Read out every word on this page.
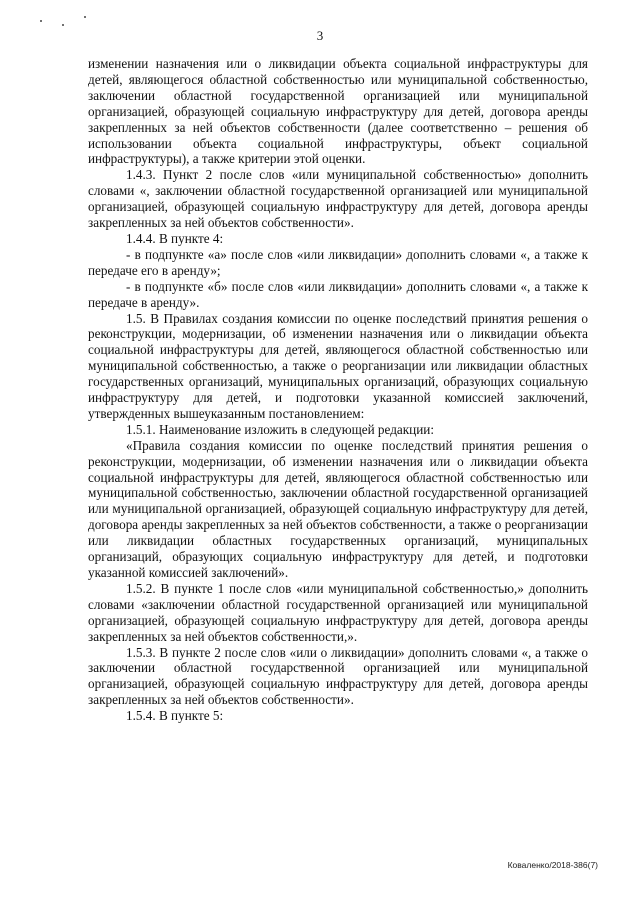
3

изменении назначения или о ликвидации объекта социальной инфраструктуры для детей, являющегося областной собственностью или муниципальной собственностью, заключении областной государственной организацией или муниципальной организацией, образующей социальную инфраструктуру для детей, договора аренды закрепленных за ней объектов собственности (далее соответственно – решения об использовании объекта социальной инфраструктуры, объект социальной инфраструктуры), а также критерии этой оценки.

1.4.3. Пункт 2 после слов «или муниципальной собственностью» дополнить словами «, заключении областной государственной организацией или муниципальной организацией, образующей социальную инфраструктуру для детей, договора аренды закрепленных за ней объектов собственности».

1.4.4. В пункте 4:

- в подпункте «а» после слов «или ликвидации» дополнить словами «, а также к передаче его в аренду»;

- в подпункте «б» после слов «или ликвидации» дополнить словами «, а также к передаче в аренду».

1.5. В Правилах создания комиссии по оценке последствий принятия решения о реконструкции, модернизации, об изменении назначения или о ликвидации объекта социальной инфраструктуры для детей, являющегося областной собственностью или муниципальной собственностью, а также о реорганизации или ликвидации областных государственных организаций, муниципальных организаций, образующих социальную инфраструктуру для детей, и подготовки указанной комиссией заключений, утвержденных вышеуказанным постановлением:

1.5.1. Наименование изложить в следующей редакции:

«Правила создания комиссии по оценке последствий принятия решения о реконструкции, модернизации, об изменении назначения или о ликвидации объекта социальной инфраструктуры для детей, являющегося областной собственностью или муниципальной собственностью, заключении областной государственной организацией или муниципальной организацией, образующей социальную инфраструктуру для детей, договора аренды закрепленных за ней объектов собственности, а также о реорганизации или ликвидации областных государственных организаций, муниципальных организаций, образующих социальную инфраструктуру для детей, и подготовки указанной комиссией заключений».

1.5.2. В пункте 1 после слов «или муниципальной собственностью,» дополнить словами «заключении областной государственной организацией или муниципальной организацией, образующей социальную инфраструктуру для детей, договора аренды закрепленных за ней объектов собственности,».

1.5.3. В пункте 2 после слов «или о ликвидации» дополнить словами «, а также о заключении областной государственной организацией или муниципальной организацией, образующей социальную инфраструктуру для детей, договора аренды закрепленных за ней объектов собственности».

1.5.4. В пункте 5:

Коваленко/2018-386(7)
